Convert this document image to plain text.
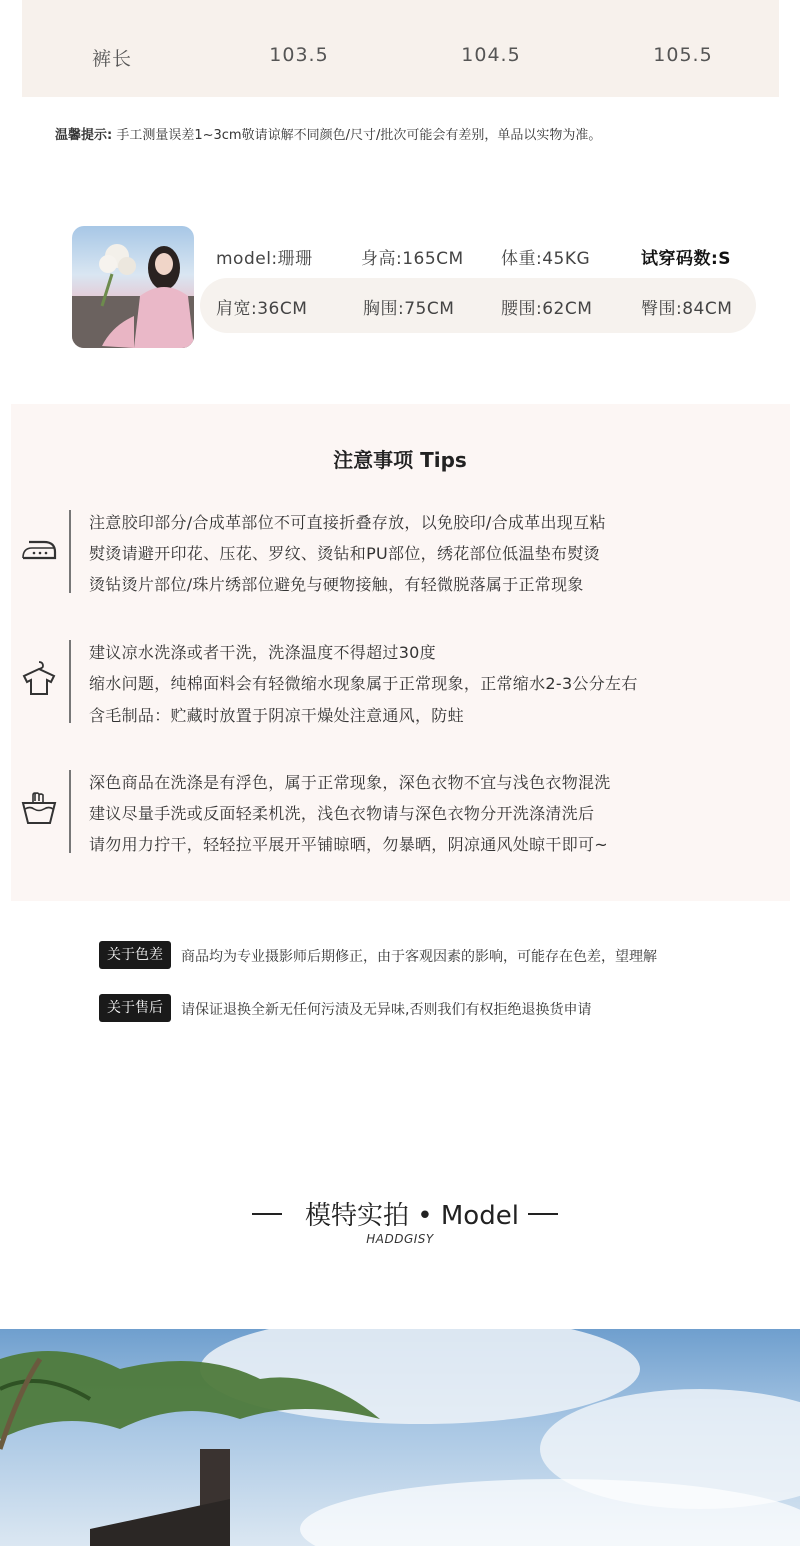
裤长	103.5	104.5	105.5
温馨提示: 手工测量误差1~3cm敬请谅解不同颜色/尺寸/批次可能会有差别，单品以实物为准。
model:珊珊	身高:165CM 体重:45KG	试穿码数:S
肩宽:36CM	胸围:75CM	腰围:62CM	臀围:84CM
注意事项 Tips
注意胶印部分/合成革部位不可直接折叠存放，以免胶印/合成革出现互粘
熨烫请避开印花、压花、罗纹、烫钻和PU部位，绣花部位低温垫布熨烫
烫钻烫片部位/珠片绣部位避免与硬物接触，有轻微脱落属于正常现象
建议凉水洗涤或者干洗，洗涤温度不得超过30度
缩水问题，纯棉面料会有轻微缩水现象属于正常现象，正常缩水2-3公分左右
含毛制品：贮藏时放置于阴凉干燥处注意通风，防蛀
深色商品在洗涤是有浮色，属于正常现象，深色衣物不宜与浅色衣物混洗
建议尽量手洗或反面轻柔机洗，浅色衣物请与深色衣物分开洗涤清洗后
请勿用力拧干，轻轻拉平展开平铺晾晒，勿暴晒，阴凉通风处晾干即可~
关于色差	商品均为专业摄影师后期修正，由于客观因素的影响，可能存在色差，望理解
关于售后	请保证退换全新无任何污渍及无异味,否则我们有权拒绝退换货申请
模特实拍 • Model
HADDGISY
